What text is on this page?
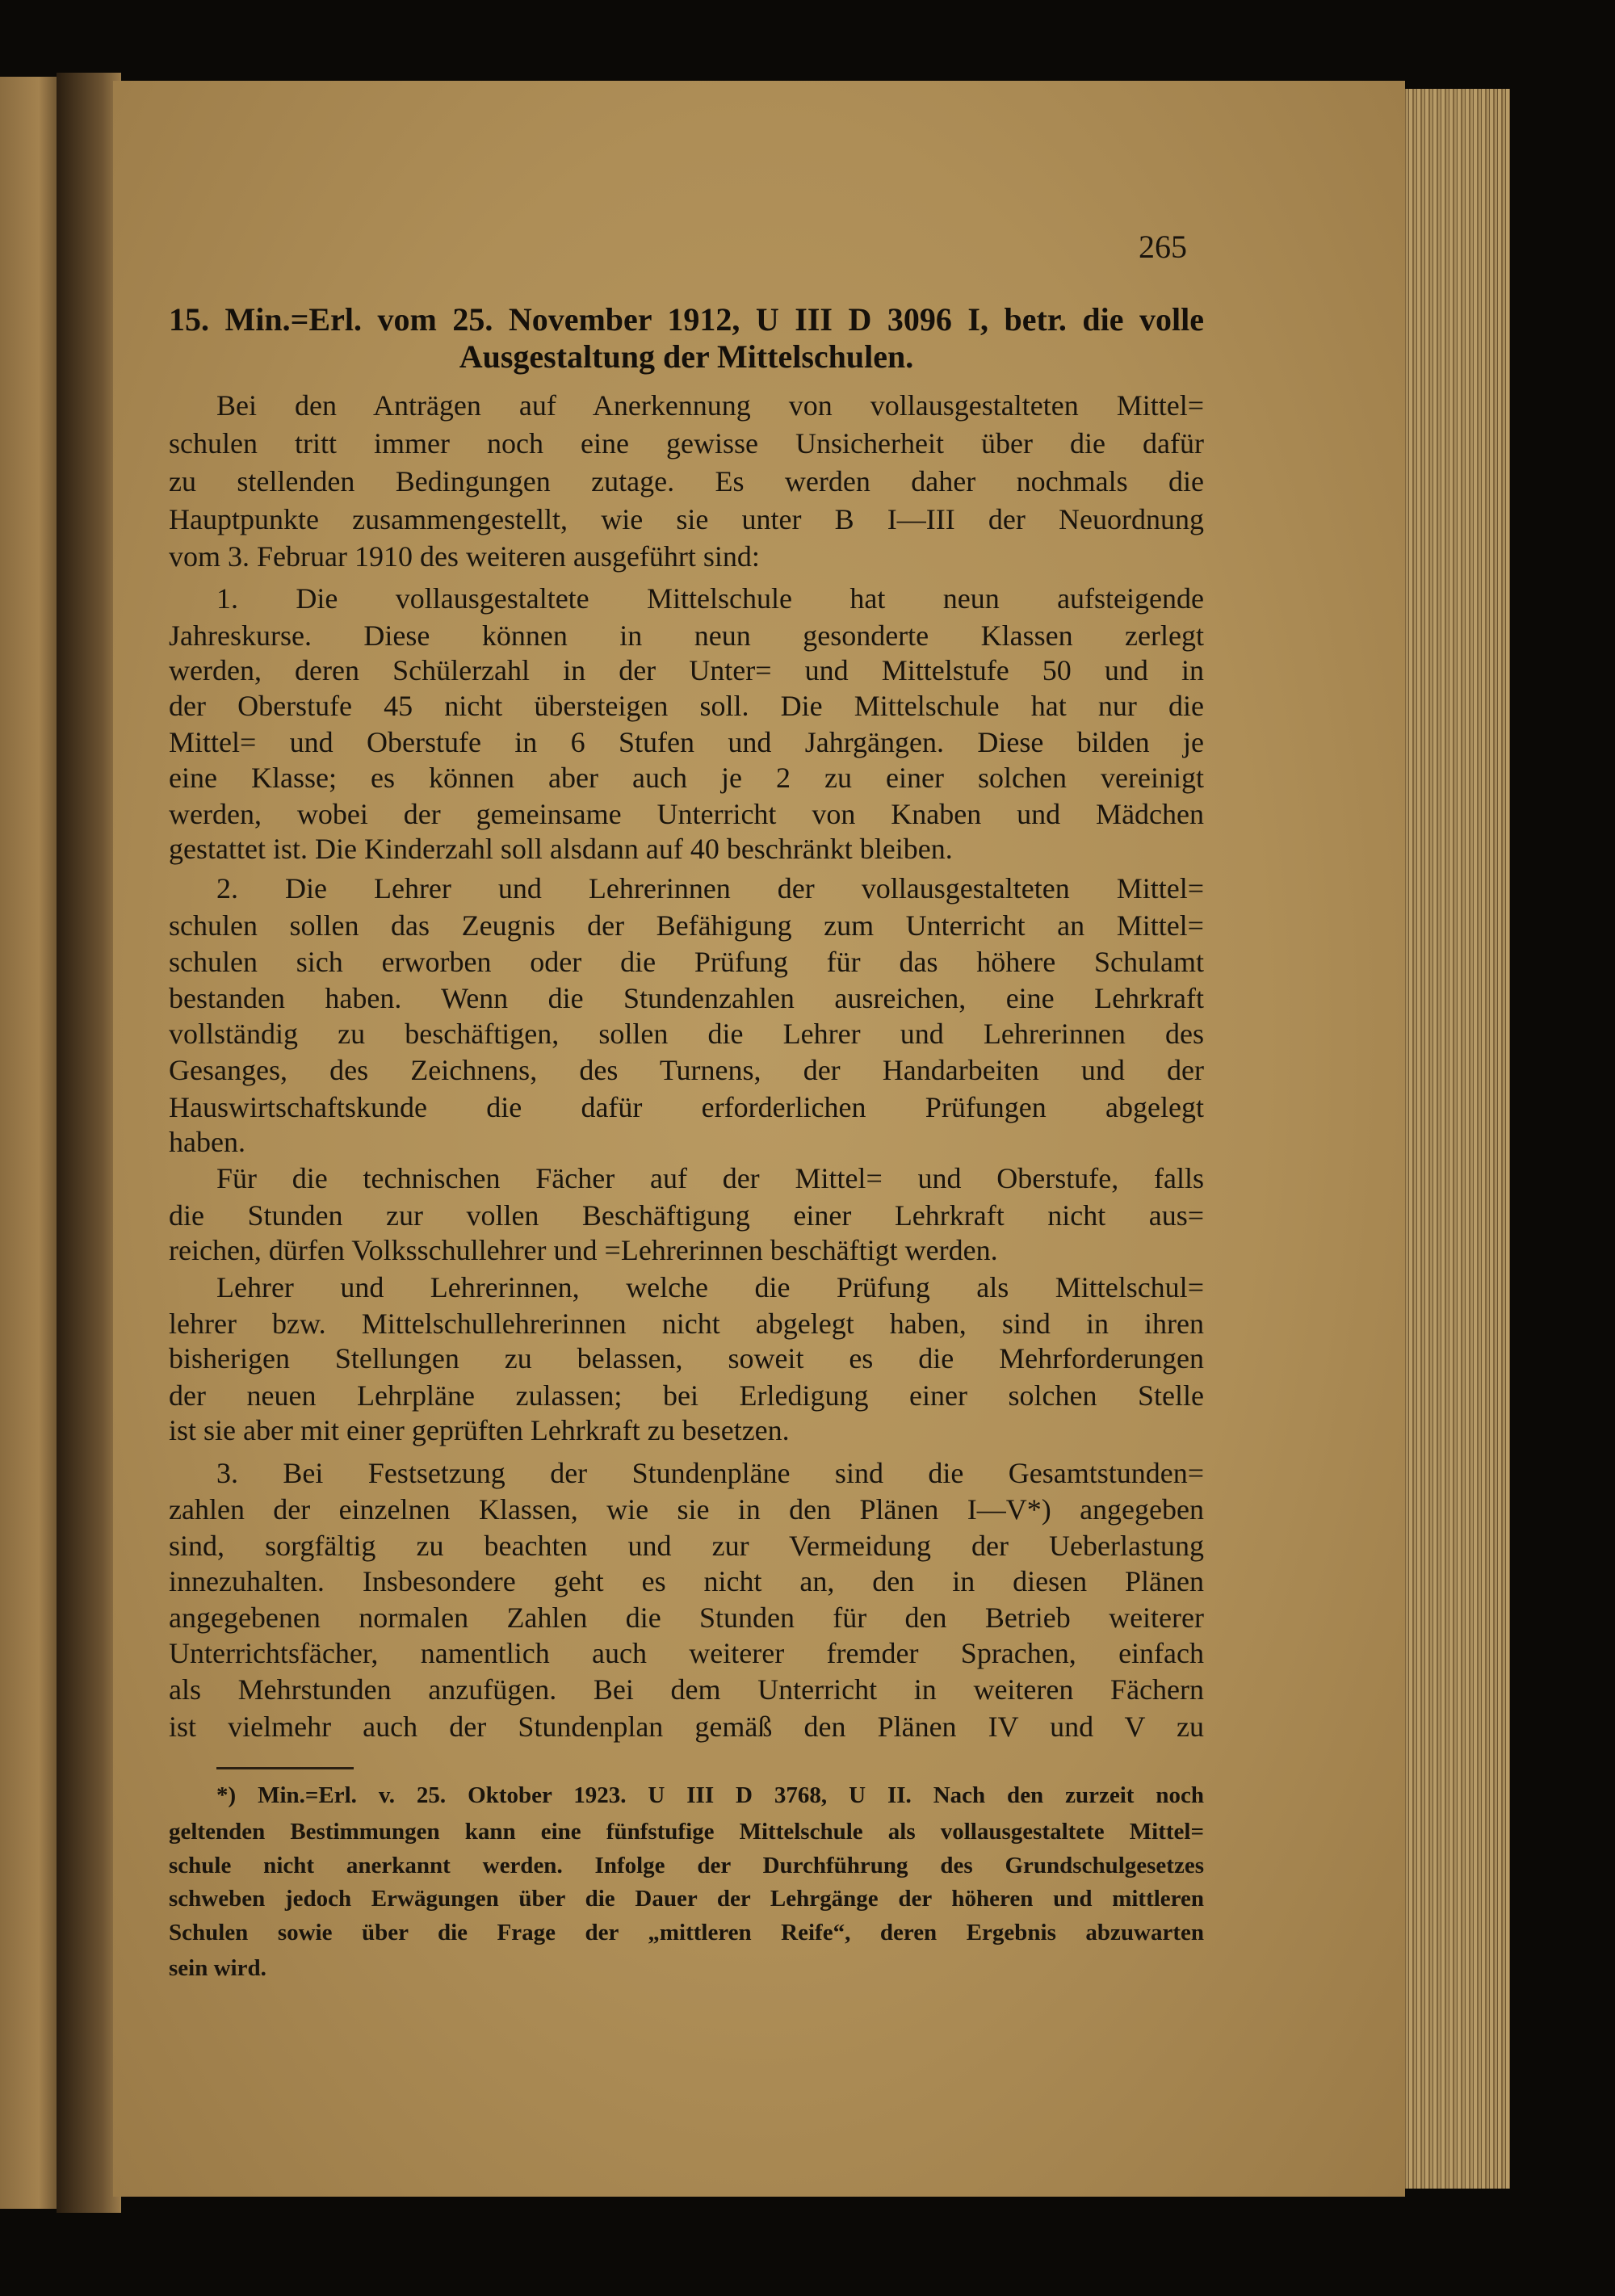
265
15. Min.=Erl. vom 25. November 1912, U III D 3096 I, betr. die volle
Ausgestaltung der Mittelschulen.
Bei den Anträgen auf Anerkennung von vollausgestalteten Mittel=
schulen tritt immer noch eine gewisse Unsicherheit über die dafür
zu stellenden Bedingungen zutage. Es werden daher nochmals die
Hauptpunkte zusammengestellt, wie sie unter B I—III der Neuordnung
vom 3. Februar 1910 des weiteren ausgeführt sind:
1. Die vollausgestaltete Mittelschule hat neun aufsteigende
Jahreskurse. Diese können in neun gesonderte Klassen zerlegt
werden, deren Schülerzahl in der Unter= und Mittelstufe 50 und in
der Oberstufe 45 nicht übersteigen soll. Die Mittelschule hat nur die
Mittel= und Oberstufe in 6 Stufen und Jahrgängen. Diese bilden je
eine Klasse; es können aber auch je 2 zu einer solchen vereinigt
werden, wobei der gemeinsame Unterricht von Knaben und Mädchen
gestattet ist. Die Kinderzahl soll alsdann auf 40 beschränkt bleiben.
2. Die Lehrer und Lehrerinnen der vollausgestalteten Mittel=
schulen sollen das Zeugnis der Befähigung zum Unterricht an Mittel=
schulen sich erworben oder die Prüfung für das höhere Schulamt
bestanden haben. Wenn die Stundenzahlen ausreichen, eine Lehrkraft
vollständig zu beschäftigen, sollen die Lehrer und Lehrerinnen des
Gesanges, des Zeichnens, des Turnens, der Handarbeiten und der
Hauswirtschaftskunde die dafür erforderlichen Prüfungen abgelegt
haben.
Für die technischen Fächer auf der Mittel= und Oberstufe, falls
die Stunden zur vollen Beschäftigung einer Lehrkraft nicht aus=
reichen, dürfen Volksschullehrer und =Lehrerinnen beschäftigt werden.
Lehrer und Lehrerinnen, welche die Prüfung als Mittelschul=
lehrer bzw. Mittelschullehrerinnen nicht abgelegt haben, sind in ihren
bisherigen Stellungen zu belassen, soweit es die Mehrforderungen
der neuen Lehrpläne zulassen; bei Erledigung einer solchen Stelle
ist sie aber mit einer geprüften Lehrkraft zu besetzen.
3. Bei Festsetzung der Stundenpläne sind die Gesamtstunden=
zahlen der einzelnen Klassen, wie sie in den Plänen I—V*) angegeben
sind, sorgfältig zu beachten und zur Vermeidung der Ueberlastung
innezuhalten. Insbesondere geht es nicht an, den in diesen Plänen
angegebenen normalen Zahlen die Stunden für den Betrieb weiterer
Unterrichtsfächer, namentlich auch weiterer fremder Sprachen, einfach
als Mehrstunden anzufügen. Bei dem Unterricht in weiteren Fächern
ist vielmehr auch der Stundenplan gemäß den Plänen IV und V zu
*) Min.=Erl. v. 25. Oktober 1923. U III D 3768, U II. Nach den zurzeit noch
geltenden Bestimmungen kann eine fünfstufige Mittelschule als vollausgestaltete Mittel=
schule nicht anerkannt werden. Infolge der Durchführung des Grundschulgesetzes
schweben jedoch Erwägungen über die Dauer der Lehrgänge der höheren und mittleren
Schulen sowie über die Frage der „mittleren Reife“, deren Ergebnis abzuwarten
sein wird.
